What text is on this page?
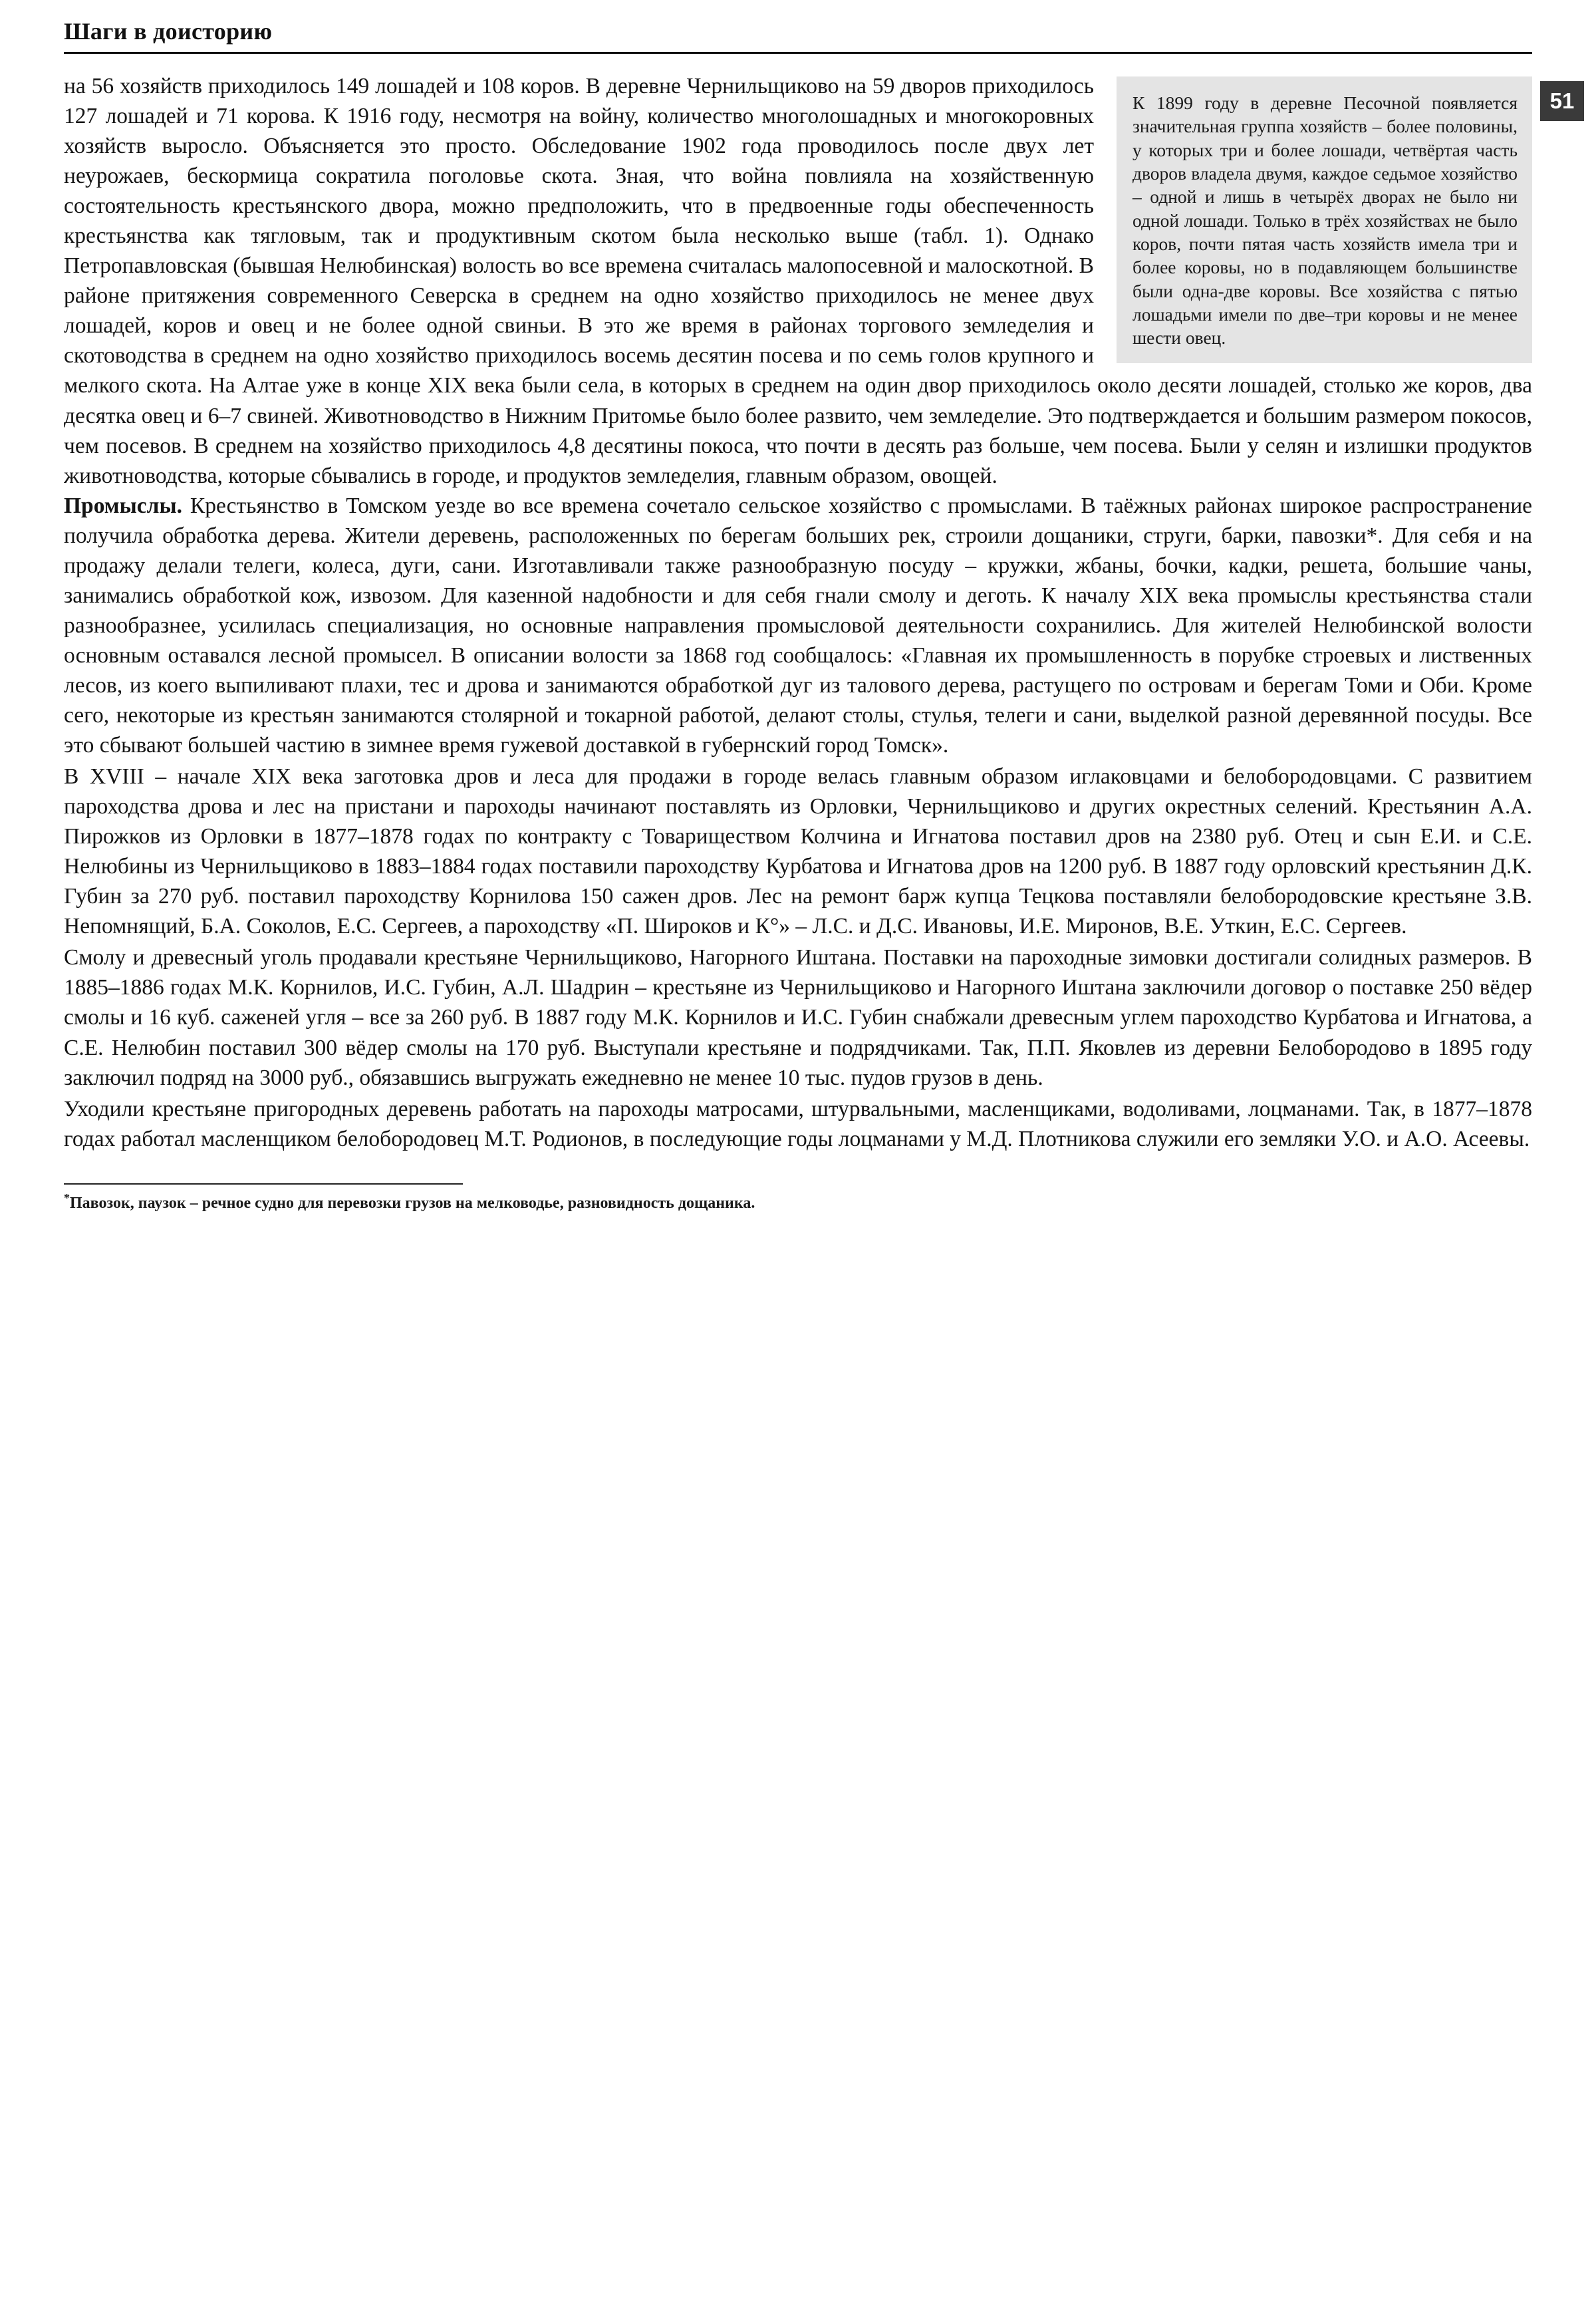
51
Шаги в доисторию

К 1899 году в деревне Песочной появляется значительная группа хозяйств – более половины, у которых три и более лошади, четвёртая часть дворов владела двумя, каждое седьмое хозяйство – одной и лишь в четырёх дворах не было ни одной лошади. Только в трёх хозяйствах не было коров, почти пятая часть хозяйств имела три и более коровы, но в подавляющем большинстве были одна-две коровы. Все хозяйства с пятью лошадьми имели по две–три коровы и не менее шести овец.

на 56 хозяйств приходилось 149 лошадей и 108 коров. В деревне Чернильщиково на 59 дворов приходилось 127 лошадей и 71 корова. К 1916 году, несмотря на войну, количество многолошадных и многокоровных хозяйств выросло. Объясняется это просто. Обследование 1902 года проводилось после двух лет неурожаев, бескормица сократила поголовье скота. Зная, что война повлияла на хозяйственную состоятельность крестьянского двора, можно предположить, что в предвоенные годы обеспеченность крестьянства как тягловым, так и продуктивным скотом была несколько выше (табл. 1). Однако Петропавловская (бывшая Нелюбинская) волость во все времена считалась малопосевной и малоскотной. В районе притяжения современного Северска в среднем на одно хозяйство приходилось не менее двух лошадей, коров и овец и не более одной свиньи. В это же время в районах торгового земледелия и скотоводства в среднем на одно хозяйство приходилось восемь десятин посева и по семь голов крупного и мелкого скота. На Алтае уже в конце XIX века были села, в которых в среднем на один двор приходилось около десяти лошадей, столько же коров, два десятка овец и 6–7 свиней. Животноводство в Нижним Притомье было более развито, чем земледелие. Это подтверждается и большим размером покосов, чем посевов. В среднем на хозяйство приходилось 4,8 десятины покоса, что почти в десять раз больше, чем посева. Были у селян и излишки продуктов животноводства, которые сбывались в городе, и продуктов земледелия, главным образом, овощей.

Промыслы. Крестьянство в Томском уезде во все времена сочетало сельское хозяйство с промыслами. В таёжных районах широкое распространение получила обработка дерева. Жители деревень, расположенных по берегам больших рек, строили дощаники, струги, барки, павозки*. Для себя и на продажу делали телеги, колеса, дуги, сани. Изготавливали также разнообразную посуду – кружки, жбаны, бочки, кадки, решета, большие чаны, занимались обработкой кож, извозом. Для казенной надобности и для себя гнали смолу и деготь. К началу XIX века промыслы крестьянства стали разнообразнее, усилилась специализация, но основные направления промысловой деятельности сохранились. Для жителей Нелюбинской волости основным оставался лесной промысел. В описании волости за 1868 год сообщалось: «Главная их промышленность в порубке строевых и лиственных лесов, из коего выпиливают плахи, тес и дрова и занимаются обработкой дуг из талового дерева, растущего по островам и берегам Томи и Оби. Кроме сего, некоторые из крестьян занимаются столярной и токарной работой, делают столы, стулья, телеги и сани, выделкой разной деревянной посуды. Все это сбывают большей частию в зимнее время гужевой доставкой в губернский город Томск».

В XVIII – начале XIX века заготовка дров и леса для продажи в городе велась главным образом иглаковцами и белобородовцами. С развитием пароходства дрова и лес на пристани и пароходы начинают поставлять из Орловки, Чернильщиково и других окрестных селений. Крестьянин А.А. Пирожков из Орловки в 1877–1878 годах по контракту с Товариществом Колчина и Игнатова поставил дров на 2380 руб. Отец и сын Е.И. и С.Е. Нелюбины из Чернильщиково в 1883–1884 годах поставили пароходству Курбатова и Игнатова дров на 1200 руб. В 1887 году орловский крестьянин Д.К. Губин за 270 руб. поставил пароходству Корнилова 150 сажен дров. Лес на ремонт барж купца Тецкова поставляли белобородовские крестьяне З.В. Непомнящий, Б.А. Соколов, Е.С. Сергеев, а пароходству «П. Широков и К°» – Л.С. и Д.С. Ивановы, И.Е. Миронов, В.Е. Уткин, Е.С. Сергеев.

Смолу и древесный уголь продавали крестьяне Чернильщиково, Нагорного Иштана. Поставки на пароходные зимовки достигали солидных размеров. В 1885–1886 годах М.К. Корнилов, И.С. Губин, А.Л. Шадрин – крестьяне из Чернильщиково и Нагорного Иштана заключили договор о поставке 250 вёдер смолы и 16 куб. саженей угля – все за 260 руб. В 1887 году М.К. Корнилов и И.С. Губин снабжали древесным углем пароходство Курбатова и Игнатова, а С.Е. Нелюбин поставил 300 вёдер смолы на 170 руб. Выступали крестьяне и подрядчиками. Так, П.П. Яковлев из деревни Белобородово в 1895 году заключил подряд на 3000 руб., обязавшись выгружать ежедневно не менее 10 тыс. пудов грузов в день.

Уходили крестьяне пригородных деревень работать на пароходы матросами, штурвальными, масленщиками, водоливами, лоцманами. Так, в 1877–1878 годах работал масленщиком белобородовец М.Т. Родионов, в последующие годы лоцманами у М.Д. Плотникова служили его земляки У.О. и А.О. Асеевы.

*Павозок, паузок – речное судно для перевозки грузов на мелководье, разновидность дощаника.
